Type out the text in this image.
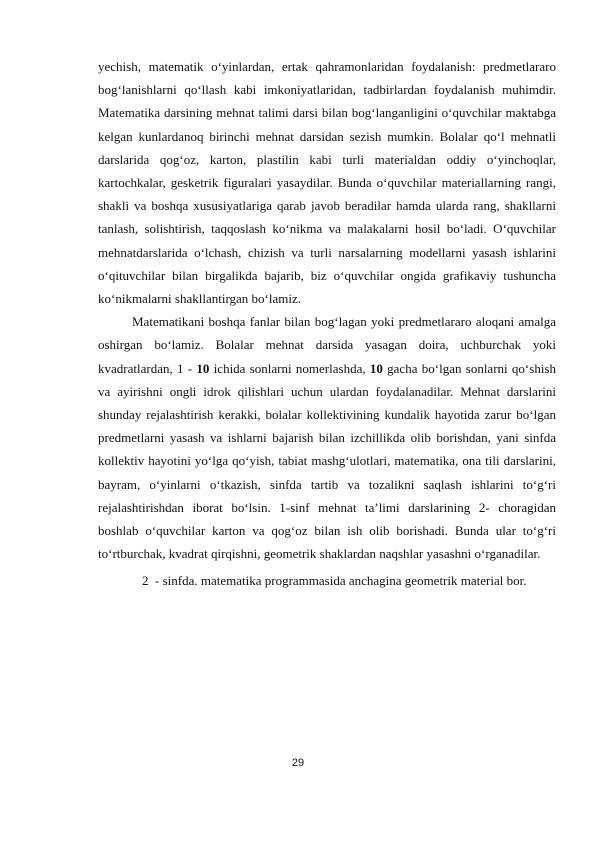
yechish, matematik o‘yinlardan, ertak qahramonlaridan foydalanish: predmetlararo bog‘lanishlarni qo‘llash kabi imkoniyatlaridan, tadbirlardan foydalanish muhimdir. Matematika darsining mehnat talimi darsi bilan bog‘langanligini o‘quvchilar maktabga kelgan kunlardanoq birinchi mehnat darsidan sezish mumkin. Bolalar qo‘l mehnatli darslarida qog‘oz, karton, plastilin kabi turli materialdan oddiy o‘yinchoqlar, kartochkalar, gesketrik figuralari yasaydilar. Bunda o‘quvchilar materiallarning rangi, shakli va boshqa xususiyatlariga qarab javob beradilar hamda ularda rang, shakllarni tanlash, solishtirish, taqqoslash ko‘nikma va malakalarni hosil bo‘ladi. O‘quvchilar mehnatdarslarida o‘lchash, chizish va turli narsalarning modellarni yasash ishlarini o‘qituvchilar bilan birgalikda bajarib, biz o‘quvchilar ongida grafikaviy tushuncha ko‘nikmalarni shakllantirgan bo‘lamiz.

Matematikani boshqa fanlar bilan bog‘lagan yoki predmetlararo aloqani amalga oshirgan bo‘lamiz. Bolalar mehnat darsida yasagan doira, uchburchak yoki kvadratlardan, 1 - 10 ichida sonlarni nomerlashda, 10 gacha bo‘lgan sonlarni qo‘shish va ayirishni ongli idrok qilishlari uchun ulardan foydalanadilar. Mehnat darslarini shunday rejalashtirish kerakki, bolalar kollektivining kundalik hayotida zarur bo‘lgan predmetlarni yasash va ishlarni bajarish bilan izchillikda olib borishdan, yani sinfda kollektiv hayotini yo‘lga qo‘yish, tabiat mashg‘ulotlari, matematika, ona tili darslarini, bayram, o‘yinlarni o‘tkazish, sinfda tartib va tozalikni saqlash ishlarini to‘g‘ri rejalashtirishdan iborat bo‘lsin. 1-sinf mehnat ta’limi darslarining 2- choragidan boshlab o‘quvchilar karton va qog‘oz bilan ish olib borishadi. Bunda ular to‘g‘ri to‘rtburchak, kvadrat qirqishni, geometrik shaklardan naqshlar yasashni o‘rganadilar.

2 - sinfda. matematika programmasida anchagina geometrik material bor.
29
